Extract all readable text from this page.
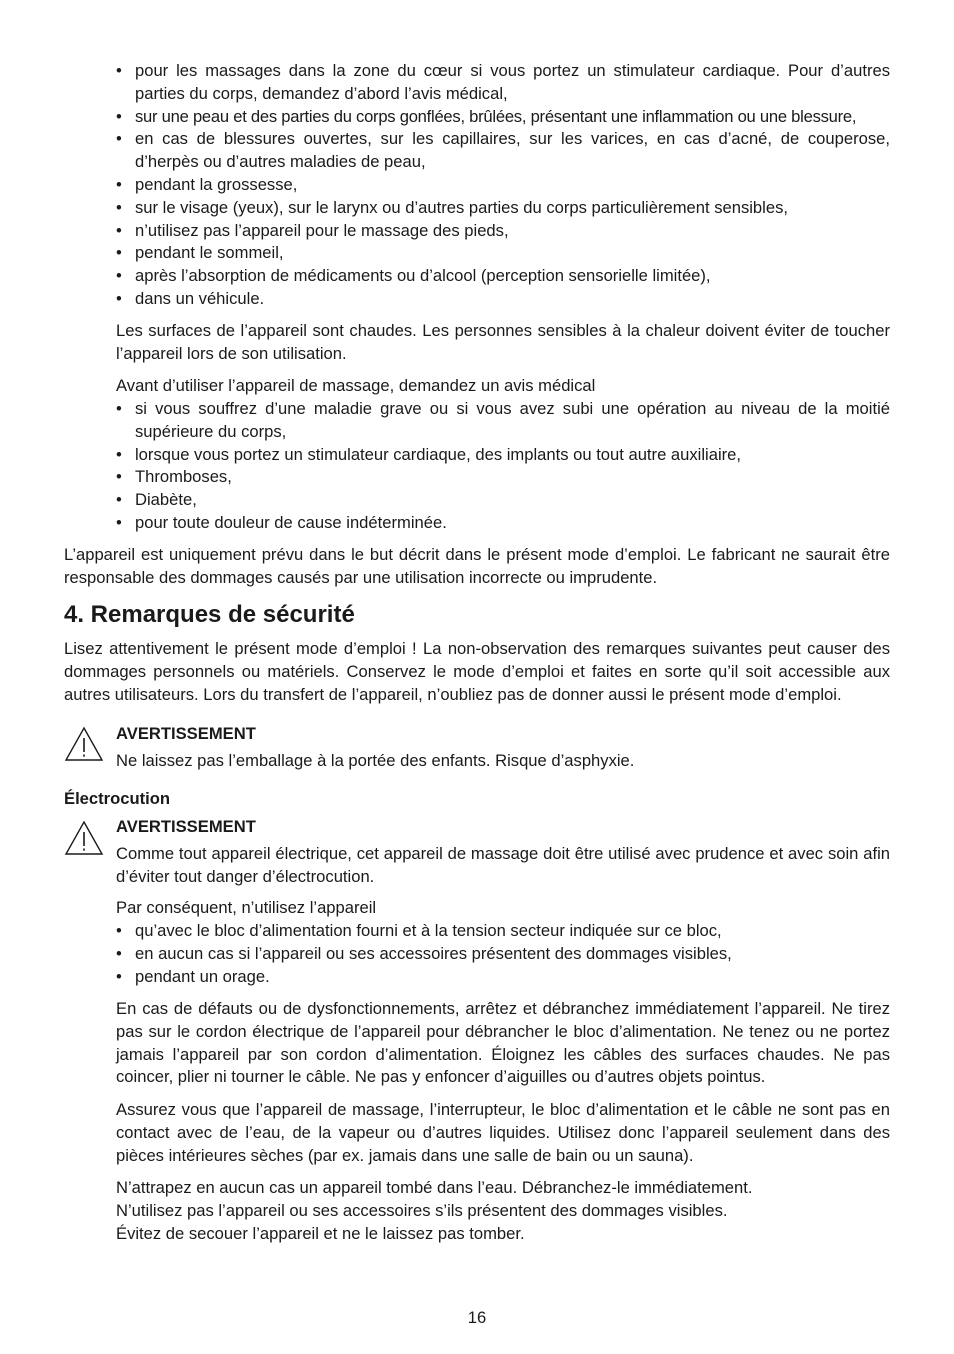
• pour les massages dans la zone du cœur si vous portez un stimulateur cardiaque. Pour d’autres parties du corps, demandez d’abord l’avis médical,
• sur une peau et des parties du corps gonflées, brûlées, présentant une inflammation ou une blessure,
• en cas de blessures ouvertes, sur les capillaires, sur les varices, en cas d’acné, de couperose, d’herpès ou d’autres maladies de peau,
• pendant la grossesse,
• sur le visage (yeux), sur le larynx ou d’autres parties du corps particulièrement sensibles,
• n’utilisez pas l’appareil pour le massage des pieds,
• pendant le sommeil,
• après l’absorption de médicaments ou d’alcool (perception sensorielle limitée),
• dans un véhicule.

Les surfaces de l’appareil sont chaudes. Les personnes sensibles à la chaleur doivent éviter de toucher l’appareil lors de son utilisation.

Avant d’utiliser l’appareil de massage, demandez un avis médical

• si vous souffrez d’une maladie grave ou si vous avez subi une opération au niveau de la moitié supérieure du corps,
• lorsque vous portez un stimulateur cardiaque, des implants ou tout autre auxiliaire,
• Thromboses,
• Diabète,
• pour toute douleur de cause indéterminée.

L’appareil est uniquement prévu dans le but décrit dans le présent mode d’emploi. Le fabricant ne saurait être responsable des dommages causés par une utilisation incorrecte ou imprudente.

4. Remarques de sécurité

Lisez attentivement le présent mode d’emploi ! La non-observation des remarques suivantes peut causer des dommages personnels ou matériels. Conservez le mode d’emploi et faites en sorte qu’il soit accessible aux autres utilisateurs. Lors du transfert de l’appareil, n’oubliez pas de donner aussi le présent mode d’emploi.

AVERTISSEMENT
Ne laissez pas l’emballage à la portée des enfants. Risque d’asphyxie.
Électrocution
AVERTISSEMENT
Comme tout appareil électrique, cet appareil de massage doit être utilisé avec prudence et avec soin afin d’éviter tout danger d’électrocution.

Par conséquent, n’utilisez l’appareil

• qu’avec le bloc d’alimentation fourni et à la tension secteur indiquée sur ce bloc,
• en aucun cas si l’appareil ou ses accessoires présentent des dommages visibles,
• pendant un orage.

En cas de défauts ou de dysfonctionnements, arrêtez et débranchez immédiatement l’appareil. Ne tirez pas sur le cordon électrique de l’appareil pour débrancher le bloc d’alimentation. Ne tenez ou ne portez jamais l’appareil par son cordon d’alimentation. Éloignez les câbles des surfaces chaudes. Ne pas coincer, plier ni tourner le câble. Ne pas y enfoncer d’aiguilles ou d’autres objets pointus.

Assurez vous que l’appareil de massage, l’interrupteur, le bloc d’alimentation et le câble ne sont pas en contact avec de l’eau, de la vapeur ou d’autres liquides. Utilisez donc l’appareil seulement dans des pièces intérieures sèches (par ex. jamais dans une salle de bain ou un sauna).

N’attrapez en aucun cas un appareil tombé dans l’eau. Débranchez-le immédiatement.
N’utilisez pas l’appareil ou ses accessoires s’ils présentent des dommages visibles.
Évitez de secouer l’appareil et ne le laissez pas tomber.
16
